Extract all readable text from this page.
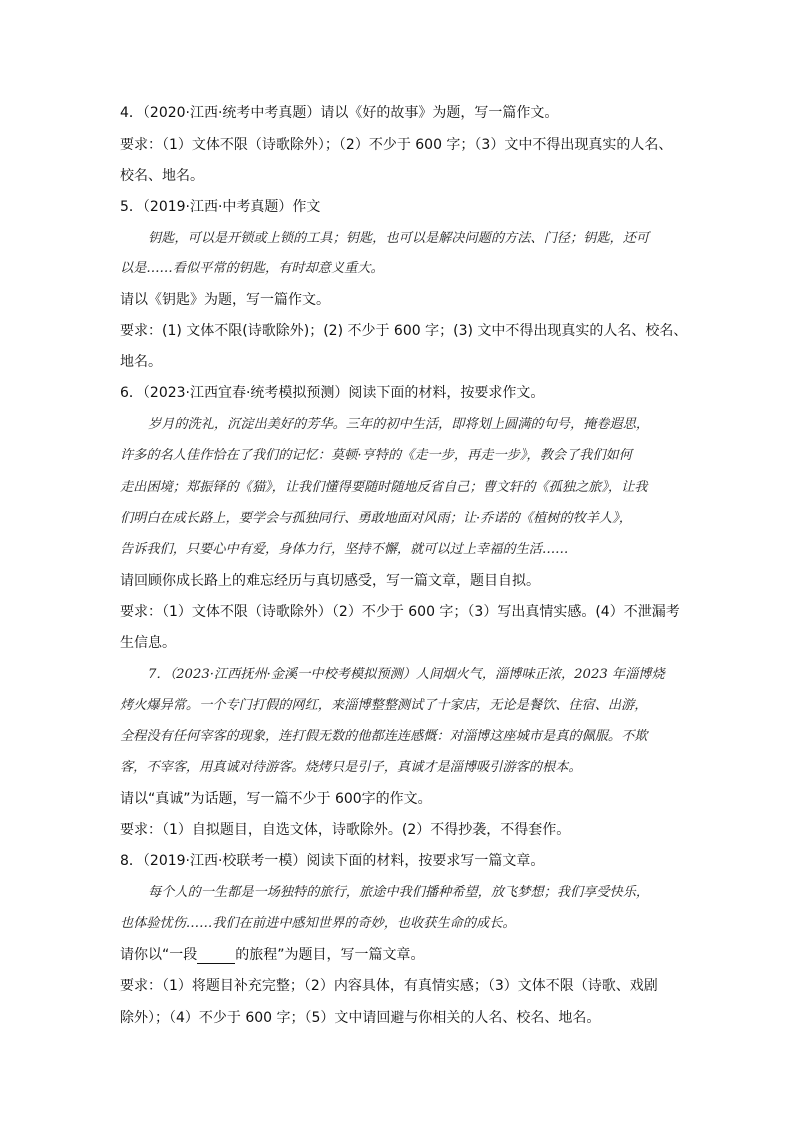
4．（2020·江西·统考中考真题）请以《好的故事》为题，写一篇作文。
要求：（1）文体不限（诗歌除外）；（2）不少于 600 字；（3）文中不得出现真实的人名、
校名、地名。
5．（2019·江西·中考真题）作文
钥匙，可以是开锁或上锁的工具；钥匙，也可以是解决问题的方法、门径；钥匙，还可
以是……看似平常的钥匙，有时却意义重大。
请以《钥匙》为题，写一篇作文。
要求：(1) 文体不限(诗歌除外)；(2) 不少于 600 字；(3) 文中不得出现真实的人名、校名、
地名。
6．（2023·江西宜春·统考模拟预测）阅读下面的材料，按要求作文。
岁月的洗礼，沉淀出美好的芳华。三年的初中生活，即将划上圆满的句号，掩卷遐思，
许多的名人佳作恰在了我们的记忆：莫顿·亨特的《走一步，再走一步》，教会了我们如何
走出困境；郑振铎的《猫》，让我们懂得要随时随地反省自己；曹文轩的《孤独之旅》，让我
们明白在成长路上，要学会与孤独同行、勇敢地面对风雨；让·乔诺的《植树的牧羊人》，
告诉我们，只要心中有爱，身体力行，坚持不懈，就可以过上幸福的生活……
请回顾你成长路上的难忘经历与真切感受，写一篇文章，题目自拟。
要求：（1）文体不限（诗歌除外）（2）不少于 600 字；（3）写出真情实感。(4）不泄漏考
生信息。
7．（2023·江西抚州·金溪一中校考模拟预测）人间烟火气，淄博味正浓，2023 年淄博烧
烤火爆异常。一个专门打假的网红，来淄博整整测试了十家店，无论是餐饮、住宿、出游，
全程没有任何宰客的现象，连打假无数的他都连连感慨：对淄博这座城市是真的佩服。不欺
客，不宰客，用真诚对待游客。烧烤只是引子，真诚才是淄博吸引游客的根本。
请以“真诚”为话题，写一篇不少于 600字的作文。
要求：（1）自拟题目，自选文体，诗歌除外。(2）不得抄袭，不得套作。
8．（2019·江西·校联考一模）阅读下面的材料，按要求写一篇文章。
每个人的一生都是一场独特的旅行，旅途中我们播种希望，放飞梦想；我们享受快乐，
也体验忧伤……我们在前进中感知世界的奇妙，也收获生命的成长。
请你以“一段	的旅程”为题目，写一篇文章。
要求：（1）将题目补充完整；（2）内容具体，有真情实感；（3）文体不限（诗歌、戏剧
除外）；（4）不少于 600 字；（5）文中请回避与你相关的人名、校名、地名。
